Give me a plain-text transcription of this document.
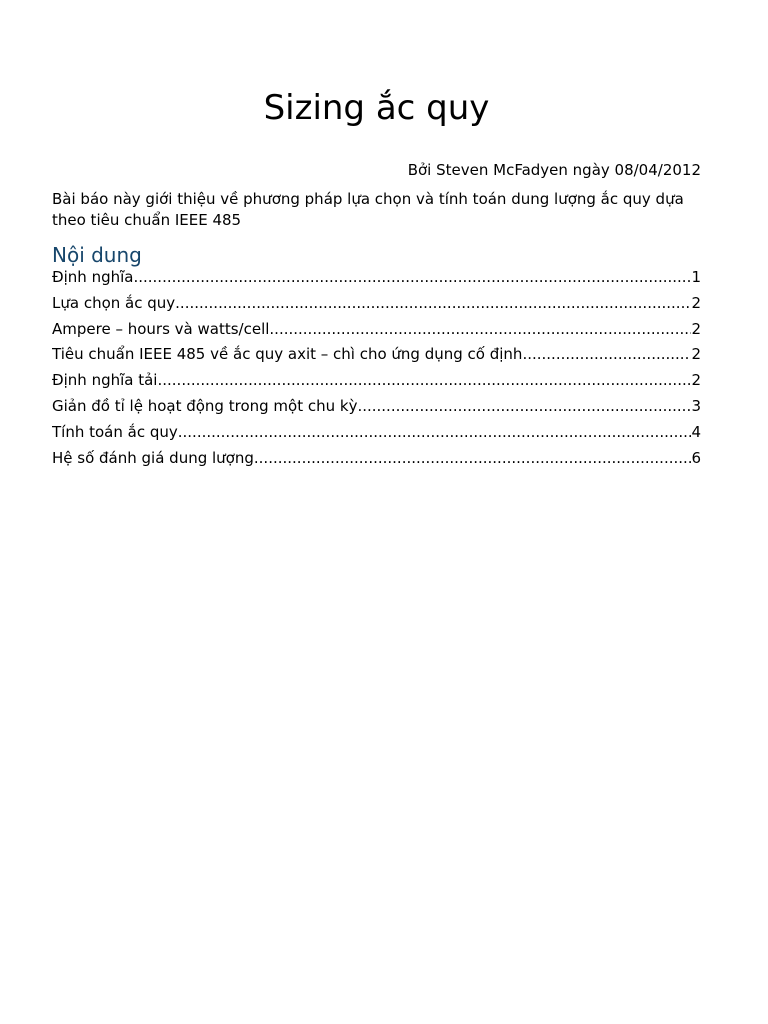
Sizing ắc quy
Bởi Steven McFadyen ngày 08/04/2012

Bài báo này giới thiệu về phương pháp lựa chọn và tính toán dung lượng ắc quy dựa theo tiêu chuẩn IEEE 485

Nội dung
Định nghĩa .....	1
Lựa chọn ắc quy .....	2
Ampere – hours và watts/cell .....	2
Tiêu chuẩn IEEE 485 về ắc quy axit – chì cho ứng dụng cố định .....	2
Định nghĩa tải .....	2
Giản đồ tỉ lệ hoạt động trong một chu kỳ .....	3
Tính toán ắc quy .....	4
Hệ số đánh giá dung lượng .....	6
